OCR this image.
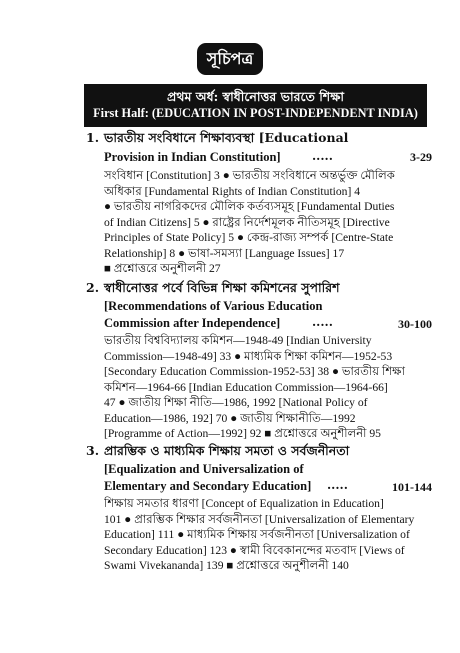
সূচিপত্র
প্রথম অর্ধ: স্বাধীনোত্তর ভারতে শিক্ষা
First Half: (EDUCATION IN POST-INDEPENDENT INDIA)
1. ভারতীয় সংবিধানে শিক্ষাব্যবস্থা [Educational
Provision in Indian Constitution]	.....	3-29
সংবিধান [Constitution] 3 ● ভারতীয় সংবিধানে অন্তর্ভুক্ত মৌলিক
অধিকার [Fundamental Rights of Indian Constitution] 4
● ভারতীয় নাগরিকদের মৌলিক কর্তব্যসমূহ [Fundamental Duties
of Indian Citizens] 5 ● রাষ্ট্রের নির্দেশমূলক নীতিসমূহ [Directive
Principles of State Policy] 5 ● কেন্দ্র-রাজ্য সম্পর্ক [Centre-State
Relationship] 8 ● ভাষা-সমস্যা [Language Issues] 17
■ প্রশ্নোত্তরে অনুশীলনী 27
2. স্বাধীনোত্তর পর্বে বিভিন্ন শিক্ষা কমিশনের সুপারিশ
[Recommendations of Various Education
Commission after Independence]	.....	30-100
ভারতীয় বিশ্ববিদ্যালয় কমিশন—1948-49 [Indian University
Commission—1948-49] 33 ● মাধ্যমিক শিক্ষা কমিশন—1952-53
[Secondary Education Commission-1952-53] 38 ● ভারতীয় শিক্ষা
কমিশন—1964-66 [Indian Education Commission—1964-66]
47 ● জাতীয় শিক্ষা নীতি—1986, 1992 [National Policy of
Education—1986, 192] 70 ● জাতীয় শিক্ষানীতি—1992
[Programme of Action—1992] 92 ■ প্রশ্নোত্তরে অনুশীলনী 95
3. প্রারম্ভিক ও মাধ্যমিক শিক্ষায় সমতা ও সর্বজনীনতা
[Equalization and Universalization of
Elementary and Secondary Education]	.....	101-144
শিক্ষায় সমতার ধারণা [Concept of Equalization in Education]
101 ● প্রারম্ভিক শিক্ষার সর্বজনীনতা [Universalization of Elementary
Education] 111 ● মাধ্যমিক শিক্ষায় সর্বজনীনতা [Universalization of
Secondary Education] 123 ● স্বামী বিবেকানন্দের মতবাদ [Views of
Swami Vivekananda] 139 ■ প্রশ্নোত্তরে অনুশীলনী 140
